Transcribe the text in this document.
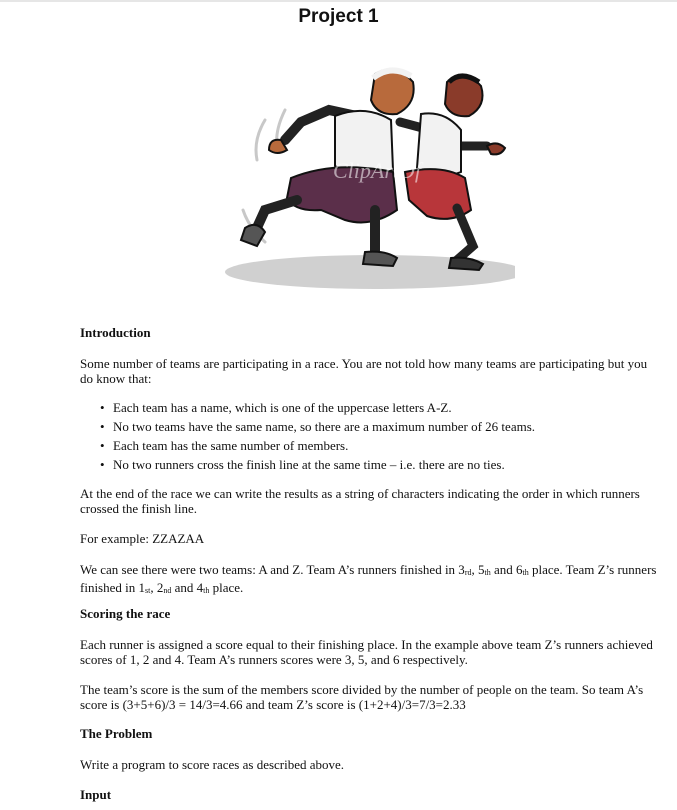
Project 1
ClipArtOf
Introduction

Some number of teams are participating in a race. You are not told how many teams are participating but you do know that:

• Each team has a name, which is one of the uppercase letters A-Z.
• No two teams have the same name, so there are a maximum number of 26 teams.
• Each team has the same number of members.
• No two runners cross the finish line at the same time – i.e. there are no ties.

At the end of the race we can write the results as a string of characters indicating the order in which runners crossed the finish line.

For example: ZZAZAA

We can see there were two teams: A and Z. Team A’s runners finished in $3_{rd}$, $5_{th}$ and $6_{th}$ place. Team Z’s runners finished in $1_{st}$, $2_{nd}$ and $4_{th}$ place.

Scoring the race

Each runner is assigned a score equal to their finishing place. In the example above team Z’s runners achieved scores of 1, 2 and 4. Team A’s runners scores were 3, 5, and 6 respectively.

The team’s score is the sum of the members score divided by the number of people on the team. So team A’s score is (3+5+6)/3 = 14/3=4.66 and team Z’s score is (1+2+4)/3=7/3=2.33

The Problem

Write a program to score races as described above.

Input
